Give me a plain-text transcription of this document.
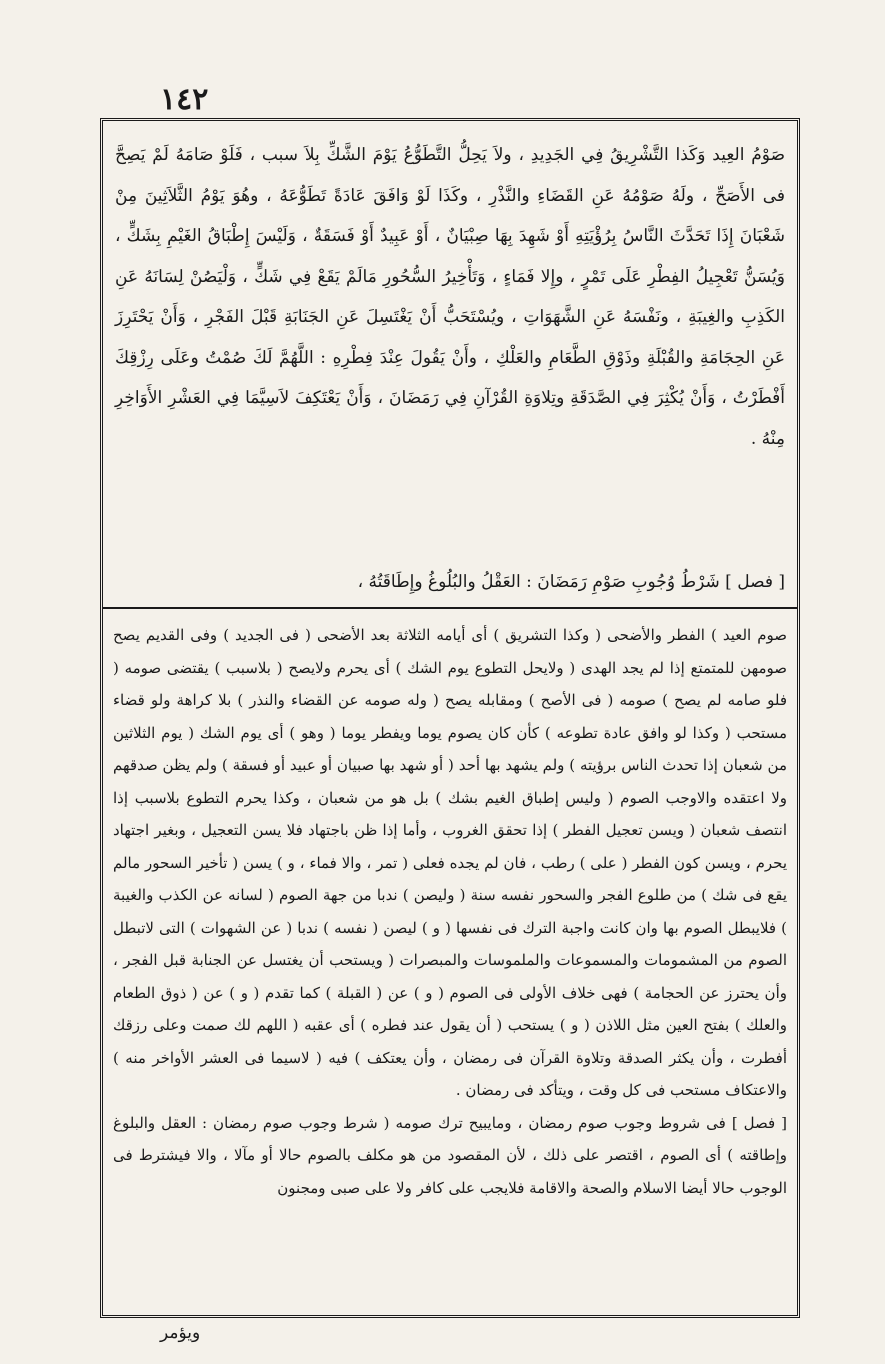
١٤٢

صَوْمُ العِيد وَكَذا التَّشْرِيقُ فِي الجَدِيدِ ، ولاَ يَحِلُّ التَّطَوُّعُ يَوْمَ الشَّكِّ بِلاَ سبب ، فَلَوْ صَامَهُ لَمْ يَصِحَّ فى الأَصَحِّ ، ولَهُ صَوْمُهُ عَنِ القَضَاءِ والنَّذْرِ ، وكَذَا لَوْ وَافَقَ عَادَةً تَطَوُّعَهُ ، وهُوَ يَوْمُ الثَّلاَثِينَ مِنْ شَعْبَانَ إِذَا تَحَدَّثَ النَّاسُ بِرُؤْيَتِهِ أَوْ شَهِدَ بِهَا صِبْيَانٌ ، أَوْ عَبِيدٌ أَوْ فَسَقَةٌ ، وَلَيْسَ إِطْبَاقُ الغَيْمِ بِشَكٍّ ، وَيُسَنُّ تَعْجِيلُ الفِطْرِ عَلَى تَمْرٍ ، وإِلا فَمَاءٍ ، وَتَأْخِيرُ السُّحُورِ مَالَمْ يَقَعْ فِي شَكٍّ ، وَلْيَصُنْ لِسَانَهُ عَنِ الكَذِبِ والغِيبَةِ ، ونَفْسَهُ عَنِ الشَّهَوَاتِ ، ويُسْتَحَبُّ أَنْ يَغْتَسِلَ عَنِ الجَنَابَةِ قَبْلَ الفَجْرِ ، وَأَنْ يَحْتَرِزَ عَنِ الحِجَامَةِ والقُبْلَةِ وذَوْقِ الطَّعَامِ والعَلْكِ ، وأَنْ يَقُولَ عِنْدَ فِطْرِهِ : اللَّهُمَّ لَكَ صُمْتُ وعَلَى رِزْقِكَ أَفْطَرْتُ ، وَأَنْ يُكْثِرَ فِي الصَّدَقَةِ وتِلاوَةِ القُرْآنِ فِي رَمَضَانَ ، وَأَنْ يَعْتَكِفَ لاَسِيَّمَا فِي العَشْرِ الأَوَاخِرِ مِنْهُ .

[ فصل ] شَرْطُ وُجُوبِ صَوْمِ رَمَضَانَ : العَقْلُ والبُلُوغُ وإِطَاقَتُهُ ،

صوم العيد ) الفطر والأضحى ( وكذا التشريق ) أى أيامه الثلاثة بعد الأضحى ( فى الجديد ) وفى القديم يصح صومهن للمتمتع إذا لم يجد الهدى ( ولايحل التطوع يوم الشك ) أى يحرم ولايصح ( بلاسبب ) يقتضى صومه ( فلو صامه لم يصح ) صومه ( فى الأصح ) ومقابله يصح ( وله صومه عن القضاء والنذر ) بلا كراهة ولو قضاء مستحب ( وكذا لو وافق عادة تطوعه ) كأن كان يصوم يوما ويفطر يوما ( وهو ) أى يوم الشك ( يوم الثلاثين من شعبان إذا تحدث الناس برؤيته ) ولم يشهد بها أحد ( أو شهد بها صبيان أو عبيد أو فسقة ) ولم يظن صدقهم ولا اعتقده والاوجب الصوم ( وليس إطباق الغيم بشك ) بل هو من شعبان ، وكذا يحرم التطوع بلاسبب إذا انتصف شعبان ( ويسن تعجيل الفطر ) إذا تحقق الغروب ، وأما إذا ظن باجتهاد فلا يسن التعجيل ، وبغير اجتهاد يحرم ، ويسن كون الفطر ( على ) رطب ، فان لم يجده فعلى ( تمر ، والا فماء ، و ) يسن ( تأخير السحور مالم يقع فى شك ) من طلوع الفجر والسحور نفسه سنة ( وليصن ) ندبا من جهة الصوم ( لسانه عن الكذب والغيبة ) فلايبطل الصوم بها وان كانت واجبة الترك فى نفسها ( و ) ليصن ( نفسه ) ندبا ( عن الشهوات ) التى لاتبطل الصوم من المشمومات والمسموعات والملموسات والمبصرات ( ويستحب أن يغتسل عن الجنابة قبل الفجر ، وأن يحترز عن الحجامة ) فهى خلاف الأولى فى الصوم ( و ) عن ( القبلة ) كما تقدم ( و ) عن ( ذوق الطعام والعلك ) بفتح العين مثل اللاذن ( و ) يستحب ( أن يقول عند فطره ) أى عقبه ( اللهم لك صمت وعلى رزقك أفطرت ، وأن يكثر الصدقة وتلاوة القرآن فى رمضان ، وأن يعتكف ) فيه ( لاسيما فى العشر الأواخر منه ) والاعتكاف مستحب فى كل وقت ، ويتأكد فى رمضان .

[ فصل ] فى شروط وجوب صوم رمضان ، ومايبيح ترك صومه ( شرط وجوب صوم رمضان : العقل والبلوغ وإطاقته ) أى الصوم ، اقتصر على ذلك ، لأن المقصود من هو مكلف بالصوم حالا أو مآلا ، والا فيشترط فى الوجوب حالا أيضا الاسلام والصحة والاقامة فلايجب على كافر ولا على صبى ومجنون

ويؤمر
